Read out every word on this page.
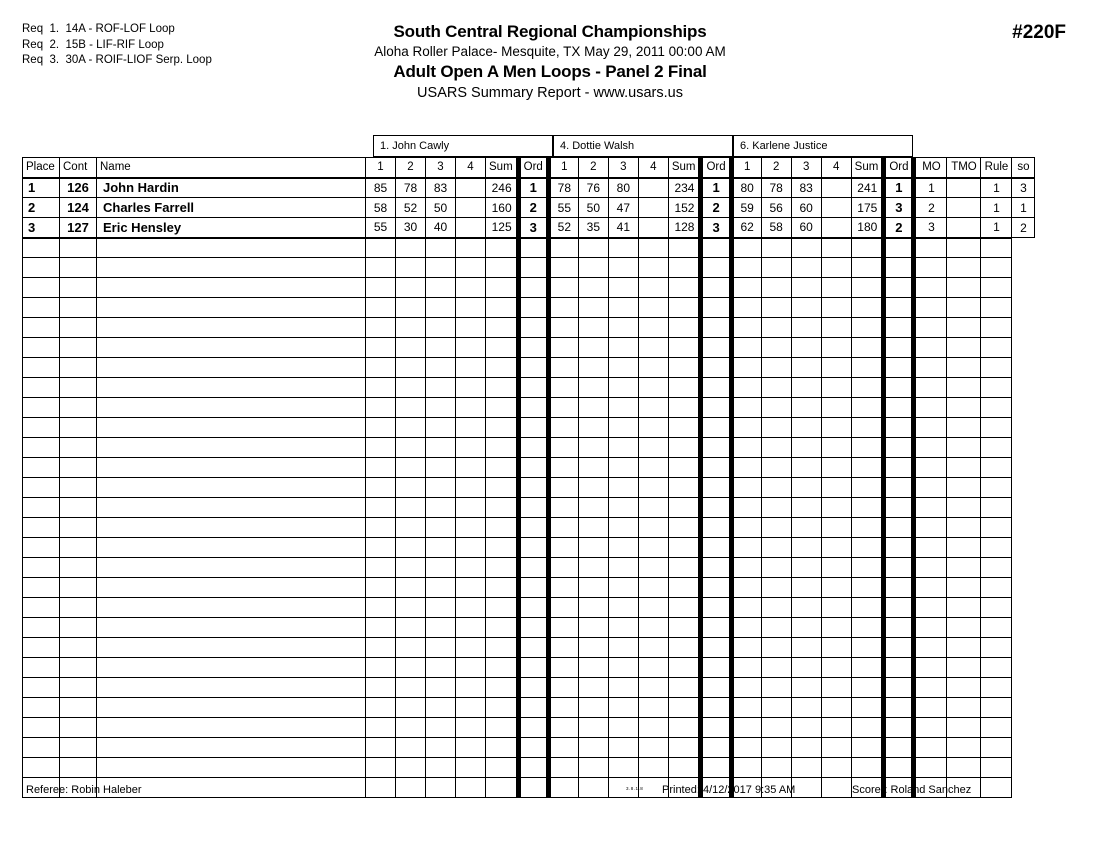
Req  1.  14A - ROF-LOF Loop
Req  2.  15B - LIF-RIF Loop
Req  3.  30A - ROIF-LIOF Serp. Loop
South Central Regional Championships
Aloha Roller Palace- Mesquite, TX May 29, 2011 00:00 AM
Adult Open A Men Loops - Panel 2 Final
USARS Summary Report - www.usars.us
#220F
1. John Cawly	4. Dottie Walsh	6. Karlene Justice
Place	Cont	Name	1	2	3	4	Sum	Ord	1	2	3	4	Sum	Ord	1	2	3	4	Sum	Ord	MO	TMO	Rule	so
1	126	John Hardin	85	78	83		246	1	78	76	80		234	1	80	78	83		241	1	1		1	3
2	124	Charles Farrell	58	52	50		160	2	55	50	47		152	2	59	56	60		175	3	2		1	1
3	127	Eric Hensley	55	30	40		125	3	52	35	41		128	3	62	58	60		180	2	3		1	2

Referee: Robin Haleber	3.8.1.8 Printed: 4/12/2017 9:35 AM	Scorer: Roland Sanchez
